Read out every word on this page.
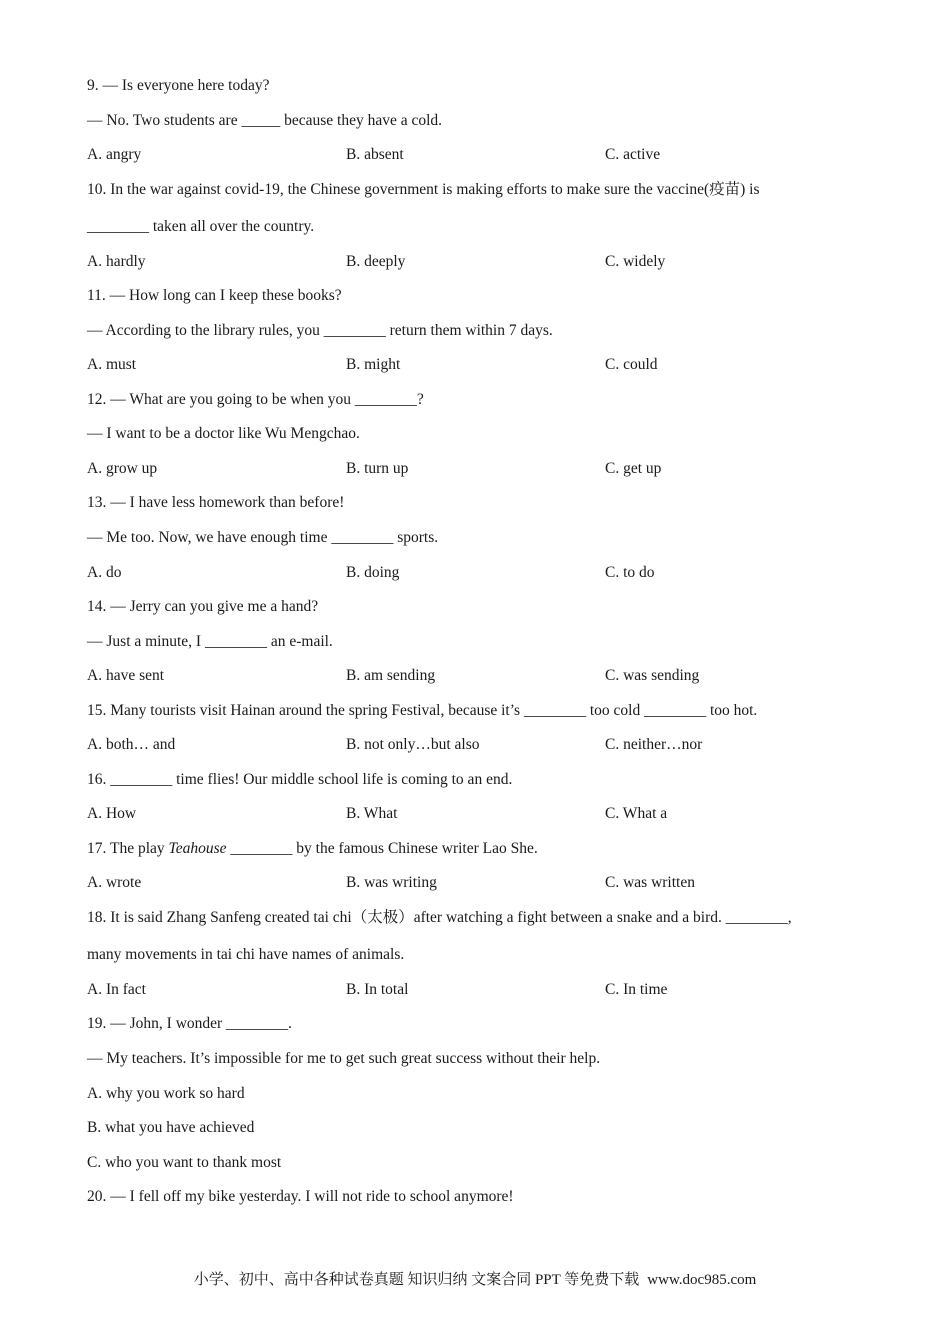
9. — Is everyone here today?
— No. Two students are _____ because they have a cold.
A. angry	B. absent	C. active
10. In the war against covid-19, the Chinese government is making efforts to make sure the vaccine(疫苗) is
________ taken all over the country.
A. hardly	B. deeply	C. widely
11. — How long can I keep these books?
— According to the library rules, you ________ return them within 7 days.
A. must	B. might	C. could
12. — What are you going to be when you ________?
— I want to be a doctor like Wu Mengchao.
A. grow up	B. turn up	C. get up
13. — I have less homework than before!
— Me too. Now, we have enough time ________ sports.
A. do	B. doing	C. to do
14. — Jerry can you give me a hand?
— Just a minute, I ________ an e-mail.
A. have sent	B. am sending	C. was sending
15. Many tourists visit Hainan around the spring Festival, because it’s ________ too cold ________ too hot.
A. both… and	B. not only…but also	C. neither…nor
16. ________ time flies! Our middle school life is coming to an end.
A. How	B. What	C. What a
17. The play Teahouse ________ by the famous Chinese writer Lao She.
A. wrote	B. was writing	C. was written
18. It is said Zhang Sanfeng created tai chi（太极）after watching a fight between a snake and a bird. ________,
many movements in tai chi have names of animals.
A. In fact	B. In total	C. In time
19. — John, I wonder ________.
— My teachers. It’s impossible for me to get such great success without their help.
A. why you work so hard
B. what you have achieved
C. who you want to thank most
20. — I fell off my bike yesterday. I will not ride to school anymore!
小学、初中、高中各种试卷真题 知识归纳 文案合同 PPT 等免费下载 www.doc985.com
